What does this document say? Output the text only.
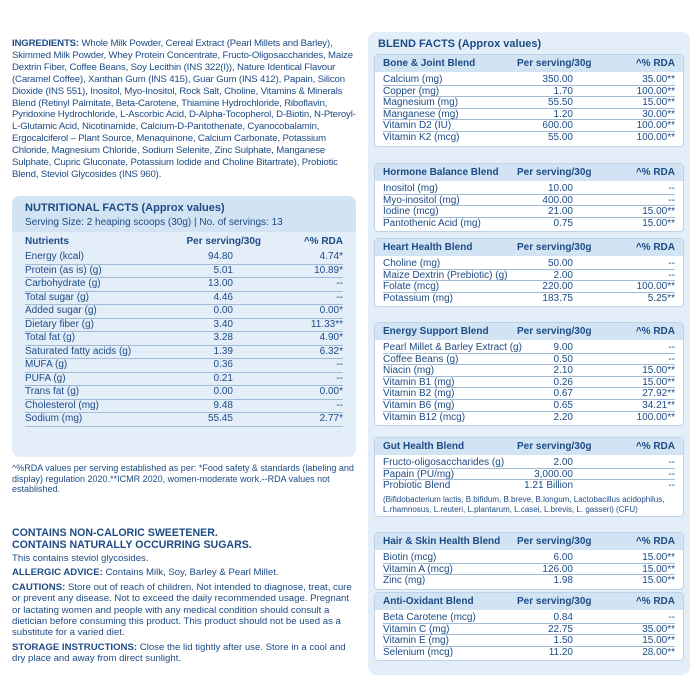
INGREDIENTS: Whole Milk Powder, Cereal Extract (Pearl Millets and Barley), Skimmed Milk Powder, Whey Protein Concentrate, Fructo-Oligosaccharides, Maize Dextrin Fiber, Coffee Beans, Soy Lecithin (INS 322(I)), Nature Identical Flavour (Caramel Coffee), Xanthan Gum (INS 415), Guar Gum (INS 412), Papain, Silicon Dioxide (INS 551), Inositol, Myo-Inositol, Rock Salt, Choline, Vitamins & Minerals Blend (Retinyl Palmitate, Beta-Carotene, Thiamine Hydrochloride, Riboflavin, Pyridoxine Hydrochloride, L-Ascorbic Acid, D-Alpha-Tocopherol, D-Biotin, N-Pteroyl-L-Glutamic Acid, Nicotinamide, Calcium-D-Pantothenate, Cyanocobalamin, Ergocalciferol – Plant Source, Menaquinone, Calcium Carbonate, Potassium Chloride, Magnesium Chloride, Sodium Selenite, Zinc Sulphate, Manganese Sulphate, Cupric Gluconate, Potassium Iodide and Choline Bitartrate), Probiotic Blend, Steviol Glycosides (INS 960).
NUTRITIONAL FACTS (Approx values)
Serving Size: 2 heaping scoops (30g) | No. of servings: 13
Nutrients	Per serving/30g	^% RDA
Energy (kcal)	94.80	4.74*
Protein (as is) (g)	5.01	10.89*
Carbohydrate (g)	13.00	--
Total sugar (g)	4.46	--
Added sugar (g)	0.00	0.00*
Dietary fiber (g)	3.40	11.33**
Total fat (g)	3.28	4.90*
Saturated fatty acids (g)	1.39	6.32*
MUFA (g)	0.36	--
PUFA (g)	0.21	--
Trans fat (g)	0.00	0.00*
Cholesterol (mg)	9.48	--
Sodium (mg)	55.45	2.77*
^%RDA values per serving established as per: *Food safety & standards (labeling and display) regulation 2020.**ICMR 2020, women-moderate work.--RDA values not established.

CONTAINS NON-CALORIC SWEETENER.

CONTAINS NATURALLY OCCURRING SUGARS.

This contains steviol glycosides.

ALLERGIC ADVICE: Contains Milk, Soy, Barley & Pearl Millet.

CAUTIONS: Store out of reach of children. Not intended to diagnose, treat, cure or prevent any disease. Not to exceed the daily recommended usage. Pregnant or lactating women and people with any medical condition should consult a dietician before consuming this product. This product should not be used as a substitute for a varied diet.

STORAGE INSTRUCTIONS: Close the lid tightly after use. Store in a cool and dry place and away from direct sunlight.

BLEND FACTS (Approx values)
Bone & Joint Blend	Per serving/30g	^% RDA
Calcium (mg)	350.00	35.00**
Copper (mg)	1.70	100.00**
Magnesium (mg)	55.50	15.00**
Manganese (mg)	1.20	30.00**
Vitamin D2 (IU)	600.00	100.00**
Vitamin K2 (mcg)	55.00	100.00**
Hormone Balance Blend Per serving/30g	^% RDA
Inositol (mg)	10.00	--
Myo-inositol (mg)	400.00	--
Iodine (mcg)	21.00	15.00**
Pantothenic Acid (mg)	0.75	15.00**
Heart Health Blend	Per serving/30g	^% RDA
Choline (mg)	50.00	--
Maize Dextrin (Prebiotic) (g)	2.00	--
Folate (mcg)	220.00	100.00**
Potassium (mg)	183.75	5.25**
Energy Support Blend	Per serving/30g	^% RDA
Pearl Millet & Barley Extract (g)	9.00	--
Coffee Beans (g)	0.50	--
Niacin (mg)	2.10	15.00**
Vitamin B1 (mg)	0.26	15.00**
Vitamin B2 (mg)	0.67	27.92**
Vitamin B6 (mg)	0.65	34.21**
Vitamin B12 (mcg)	2.20	100.00**
Gut Health Blend	Per serving/30g	^% RDA
Fructo-oligosaccharides (g)	2.00	--
Papain (PU/mg)	3,000.00	--
Probiotic Blend	1.21 Billion	--
(Bifidobacterium lactis, B.bifidum, B.breve, B.longum, Lactobacillus acidophilus, L.rhamnosus, L.reuteri, L.plantarum, L.casei, L.brevis, L. gasseri) (CFU)
Hair & Skin Health Blend Per serving/30g	^% RDA
Biotin (mcg)	6.00	15.00**
Vitamin A (mcg)	126.00	15.00**
Zinc (mg)	1.98	15.00**
Anti-Oxidant Blend	Per serving/30g	^% RDA
Beta Carotene (mcg)	0.84	--
Vitamin C (mg)	22.75	35.00**
Vitamin E (mg)	1.50	15.00**
Selenium (mcg)	11.20	28.00**
